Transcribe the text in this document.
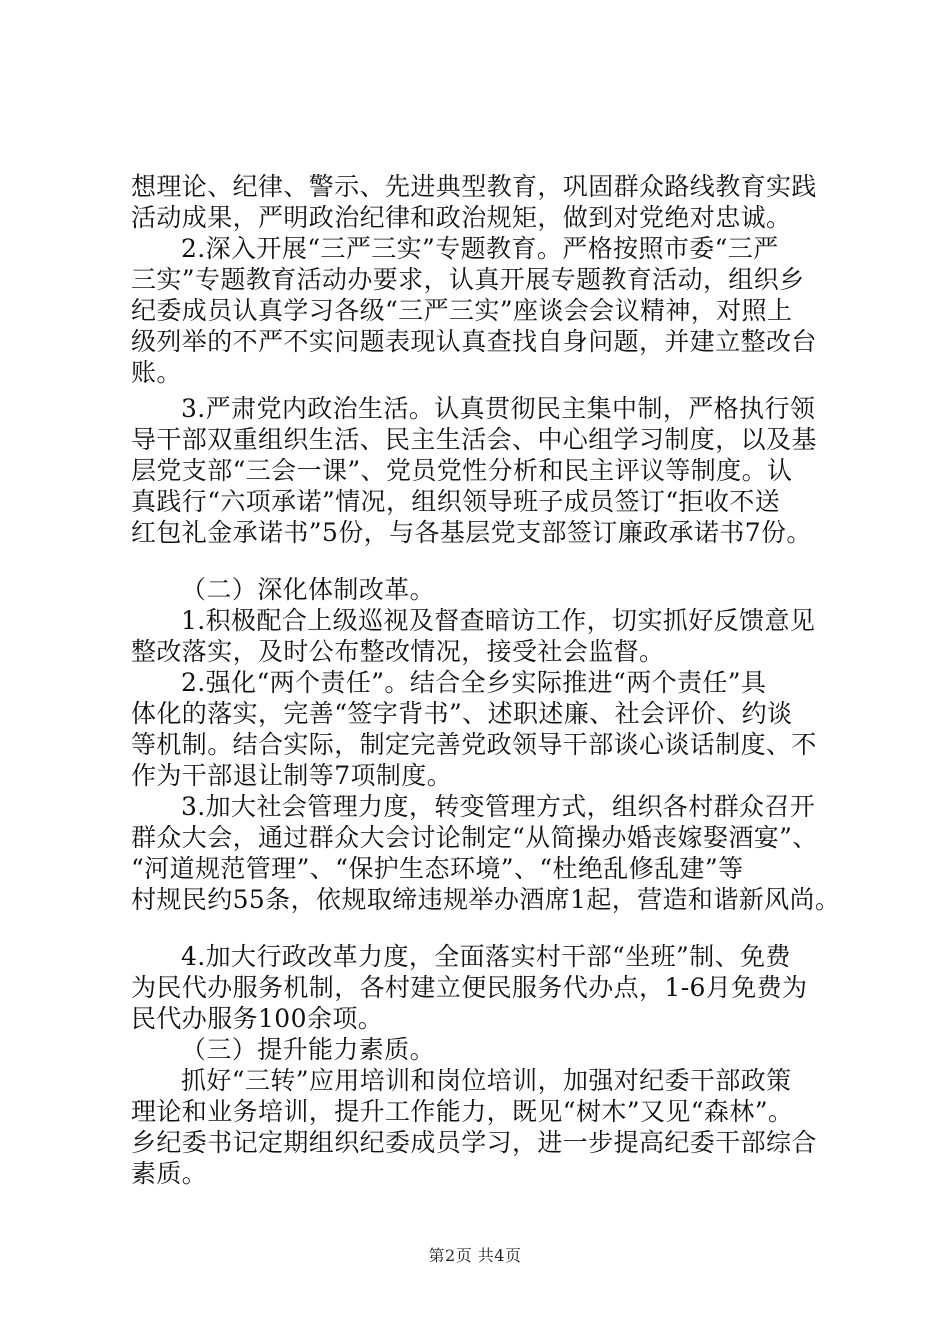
想理论、纪律、警示、先进典型教育，巩固群众路线教育实践
活动成果，严明政治纪律和政治规矩，做到对党绝对忠诚。
2.深入开展“三严三实”专题教育。严格按照市委“三严
三实”专题教育活动办要求，认真开展专题教育活动，组织乡
纪委成员认真学习各级“三严三实”座谈会会议精神，对照上
级列举的不严不实问题表现认真查找自身问题，并建立整改台
账。
3.严肃党内政治生活。认真贯彻民主集中制，严格执行领
导干部双重组织生活、民主生活会、中心组学习制度，以及基
层党支部“三会一课”、党员党性分析和民主评议等制度。认
真践行“六项承诺”情况，组织领导班子成员签订“拒收不送
红包礼金承诺书”5份，与各基层党支部签订廉政承诺书7份。
（二）深化体制改革。
1.积极配合上级巡视及督查暗访工作，切实抓好反馈意见
整改落实，及时公布整改情况，接受社会监督。
2.强化“两个责任”。结合全乡实际推进“两个责任”具
体化的落实，完善“签字背书”、述职述廉、社会评价、约谈
等机制。结合实际，制定完善党政领导干部谈心谈话制度、不
作为干部退让制等7项制度。
3.加大社会管理力度，转变管理方式，组织各村群众召开
群众大会，通过群众大会讨论制定“从简操办婚丧嫁娶酒宴”、
“河道规范管理”、“保护生态环境”、“杜绝乱修乱建”等
村规民约55条，依规取缔违规举办酒席1起，营造和谐新风尚。
4.加大行政改革力度，全面落实村干部“坐班”制、免费
为民代办服务机制，各村建立便民服务代办点，1-6月免费为
民代办服务100余项。
（三）提升能力素质。
抓好“三转”应用培训和岗位培训，加强对纪委干部政策
理论和业务培训，提升工作能力，既见“树木”又见“森林”。
乡纪委书记定期组织纪委成员学习，进一步提高纪委干部综合
素质。
第2页 共4页
